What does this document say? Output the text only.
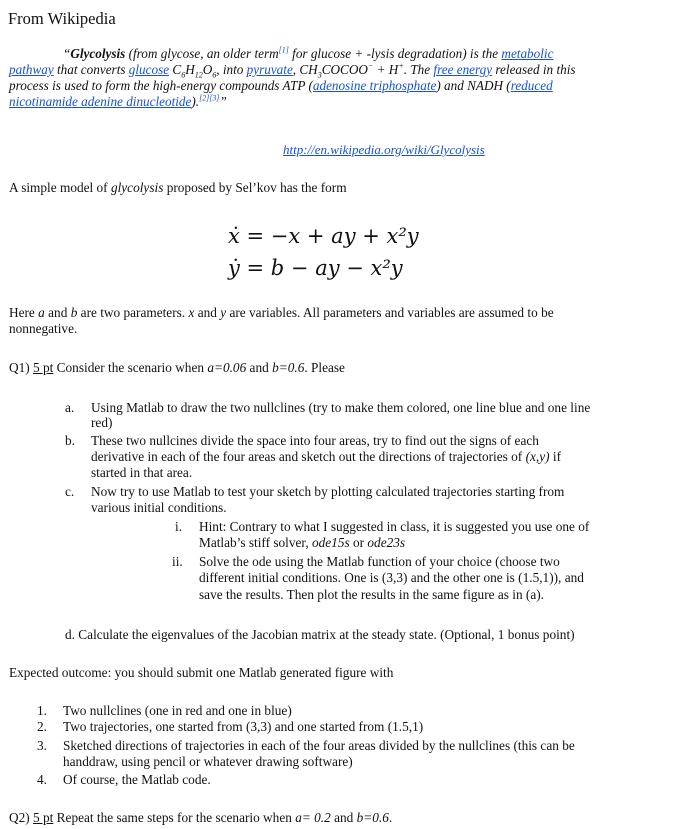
From Wikipedia
“Glycolysis (from glycose, an older term[1] for glucose + -lysis degradation) is the metabolic
pathway that converts glucose $C_6H_{12}O_6$, into pyruvate, $CH_3COCOO^- + H^+$. The free energy released in this
process is used to form the high-energy compounds ATP (adenosine triphosphate) and NADH (reduced
nicotinamide adenine dinucleotide).[2][3]”
http://en.wikipedia.org/wiki/Glycolysis
A simple model of glycolysis proposed by Sel’kov has the form
ẋ = −x + ay + x²y
ẏ = b − ay − x²y
Here a and b are two parameters. x and y are variables. All parameters and variables are assumed to be
nonnegative.
Q1) 5 pt Consider the scenario when a=0.06 and b=0.6. Please
a. Using Matlab to draw the two nullclines (try to make them colored, one line blue and one line
red)
b. These two nullcines divide the space into four areas, try to find out the signs of each
derivative in each of the four areas and sketch out the directions of trajectories of (x,y) if
started in that area.
c. Now try to use Matlab to test your sketch by plotting calculated trajectories starting from
various initial conditions.
i. Hint: Contrary to what I suggested in class, it is suggested you use one of
Matlab’s stiff solver, ode15s or ode23s
ii. Solve the ode using the Matlab function of your choice (choose two
different initial conditions. One is (3,3) and the other one is (1.5,1)), and
save the results. Then plot the results in the same figure as in (a).
d. Calculate the eigenvalues of the Jacobian matrix at the steady state. (Optional, 1 bonus point)
Expected outcome: you should submit one Matlab generated figure with
1. Two nullclines (one in red and one in blue)
2. Two trajectories, one started from (3,3) and one started from (1.5,1)
3. Sketched directions of trajectories in each of the four areas divided by the nullclines (this can be
handdraw, using pencil or whatever drawing software)
4. Of course, the Matlab code.
Q2) 5 pt Repeat the same steps for the scenario when a= 0.2 and b=0.6.
